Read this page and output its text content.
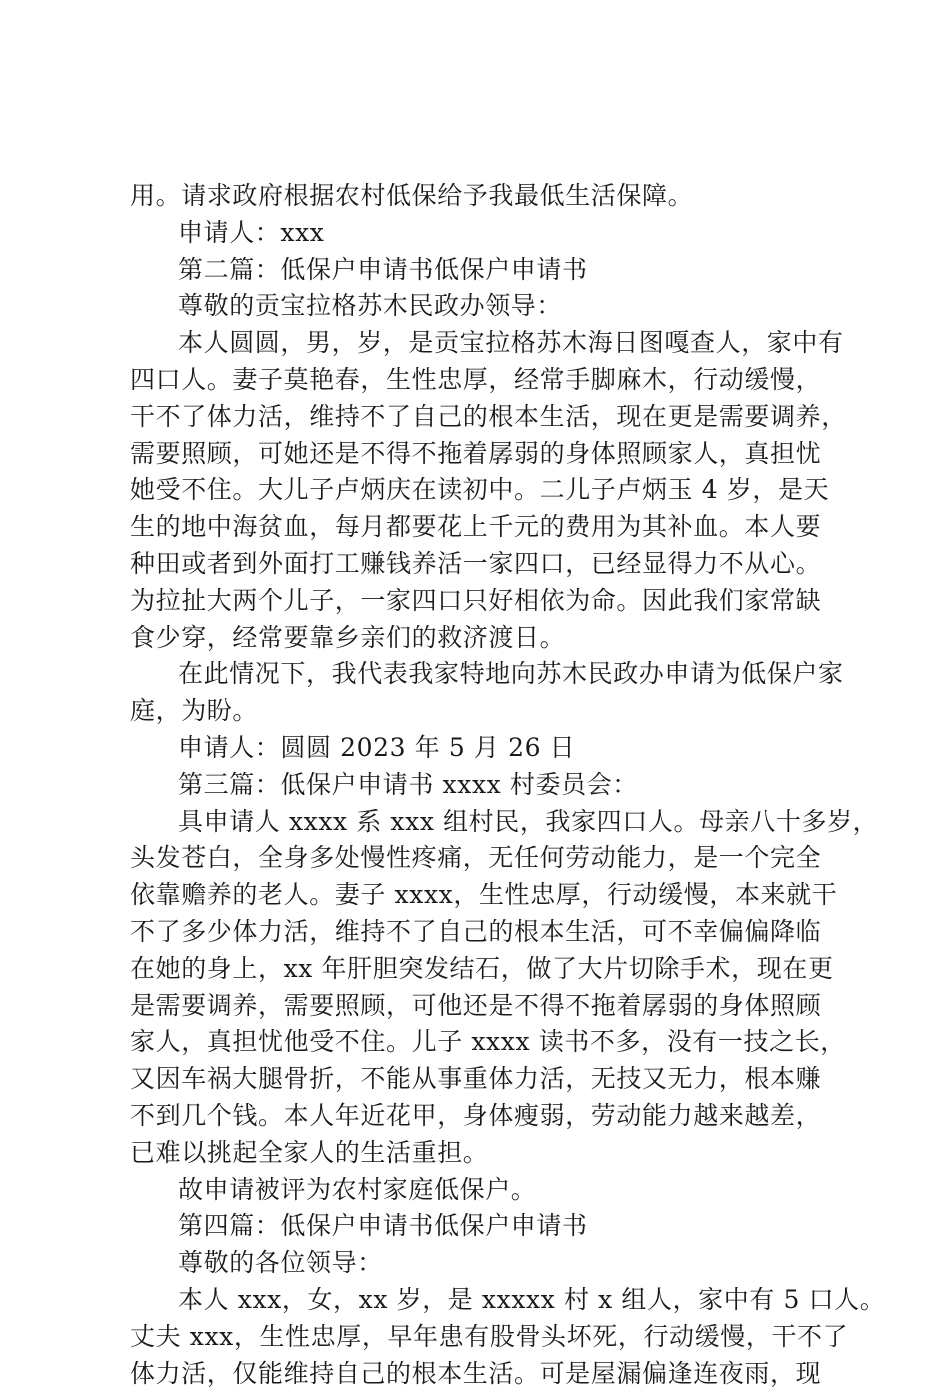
用。请求政府根据农村低保给予我最低生活保障。
申请人：xxx
第二篇：低保户申请书低保户申请书
尊敬的贡宝拉格苏木民政办领导：
本人圆圆，男，岁，是贡宝拉格苏木海日图嘎查人，家中有
四口人。妻子莫艳春，生性忠厚，经常手脚麻木，行动缓慢，
干不了体力活，维持不了自己的根本生活，现在更是需要调养，
需要照顾，可她还是不得不拖着孱弱的身体照顾家人，真担忧
她受不住。大儿子卢炳庆在读初中。二儿子卢炳玉 4 岁，是天
生的地中海贫血，每月都要花上千元的费用为其补血。本人要
种田或者到外面打工赚钱养活一家四口，已经显得力不从心。
为拉扯大两个儿子，一家四口只好相依为命。因此我们家常缺
食少穿，经常要靠乡亲们的救济渡日。
在此情况下，我代表我家特地向苏木民政办申请为低保户家
庭，为盼。
申请人：圆圆 2023 年 5 月 26 日
第三篇：低保户申请书 xxxx 村委员会：
具申请人 xxxx 系 xxx 组村民，我家四口人。母亲八十多岁，
头发苍白，全身多处慢性疼痛，无任何劳动能力，是一个完全
依靠赡养的老人。妻子 xxxx，生性忠厚，行动缓慢，本来就干
不了多少体力活，维持不了自己的根本生活，可不幸偏偏降临
在她的身上，xx 年肝胆突发结石，做了大片切除手术，现在更
是需要调养，需要照顾，可他还是不得不拖着孱弱的身体照顾
家人，真担忧他受不住。儿子 xxxx 读书不多，没有一技之长，
又因车祸大腿骨折，不能从事重体力活，无技又无力，根本赚
不到几个钱。本人年近花甲，身体瘦弱，劳动能力越来越差，
已难以挑起全家人的生活重担。
故申请被评为农村家庭低保户。
第四篇：低保户申请书低保户申请书
尊敬的各位领导：
本人 xxx，女，xx 岁，是 xxxxx 村 x 组人，家中有 5 口人。
丈夫 xxx，生性忠厚，早年患有股骨头坏死，行动缓慢，干不了
体力活，仅能维持自己的根本生活。可是屋漏偏逢连夜雨，现
